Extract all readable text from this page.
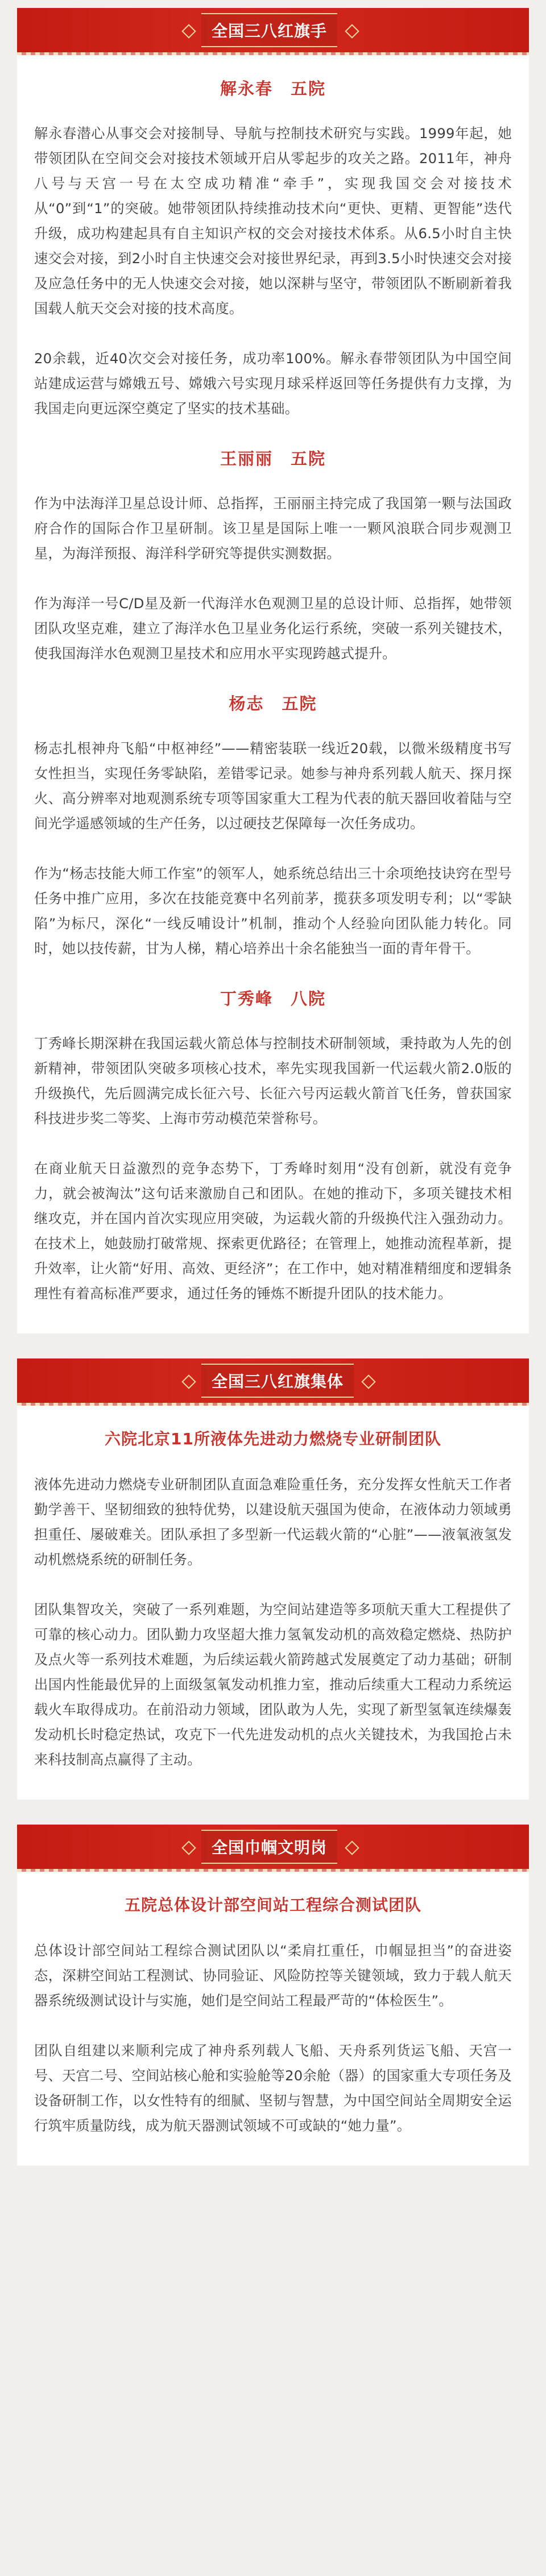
全国三八红旗手
解永春　五院

解永春潜心从事交会对接制导、导航与控制技术研究与实践。1999年起，她带领团队在空间交会对接技术领域开启从零起步的攻关之路。2011年，神舟八号与天宫一号在太空成功精准“牵手”，实现我国交会对接技术从“0”到“1”的突破。她带领团队持续推动技术向“更快、更精、更智能”迭代升级，成功构建起具有自主知识产权的交会对接技术体系。从6.5小时自主快速交会对接，到2小时自主快速交会对接世界纪录，再到3.5小时快速交会对接及应急任务中的无人快速交会对接，她以深耕与坚守，带领团队不断刷新着我国载人航天交会对接的技术高度。

20余载，近40次交会对接任务，成功率100%。解永春带领团队为中国空间站建成运营与嫦娥五号、嫦娥六号实现月球采样返回等任务提供有力支撑，为我国走向更远深空奠定了坚实的技术基础。

王丽丽　五院

作为中法海洋卫星总设计师、总指挥，王丽丽主持完成了我国第一颗与法国政府合作的国际合作卫星研制。该卫星是国际上唯一一颗风浪联合同步观测卫星，为海洋预报、海洋科学研究等提供实测数据。

作为海洋一号C/D星及新一代海洋水色观测卫星的总设计师、总指挥，她带领团队攻坚克难，建立了海洋水色卫星业务化运行系统，突破一系列关键技术，使我国海洋水色观测卫星技术和应用水平实现跨越式提升。

杨志　五院

杨志扎根神舟飞船“中枢神经”——精密装联一线近20载，以微米级精度书写女性担当，实现任务零缺陷，差错零记录。她参与神舟系列载人航天、探月探火、高分辨率对地观测系统专项等国家重大工程为代表的航天器回收着陆与空间光学遥感领域的生产任务，以过硬技艺保障每一次任务成功。

作为“杨志技能大师工作室”的领军人，她系统总结出三十余项绝技诀窍在型号任务中推广应用，多次在技能竞赛中名列前茅，揽获多项发明专利；以“零缺陷”为标尺，深化“一线反哺设计”机制，推动个人经验向团队能力转化。同时，她以技传薪，甘为人梯，精心培养出十余名能独当一面的青年骨干。

丁秀峰　八院

丁秀峰长期深耕在我国运载火箭总体与控制技术研制领域，秉持敢为人先的创新精神，带领团队突破多项核心技术，率先实现我国新一代运载火箭2.0版的升级换代，先后圆满完成长征六号、长征六号丙运载火箭首飞任务，曾获国家科技进步奖二等奖、上海市劳动模范荣誉称号。

在商业航天日益激烈的竞争态势下，丁秀峰时刻用“没有创新，就没有竞争力，就会被淘汰”这句话来激励自己和团队。在她的推动下，多项关键技术相继攻克，并在国内首次实现应用突破，为运载火箭的升级换代注入强劲动力。在技术上，她鼓励打破常规、探索更优路径；在管理上，她推动流程革新，提升效率，让火箭“好用、高效、更经济”；在工作中，她对精准精细度和逻辑条理性有着高标准严要求，通过任务的锤炼不断提升团队的技术能力。

全国三八红旗集体
六院北京11所液体先进动力燃烧专业研制团队

液体先进动力燃烧专业研制团队直面急难险重任务，充分发挥女性航天工作者勤学善干、坚韧细致的独特优势，以建设航天强国为使命，在液体动力领域勇担重任、屡破难关。团队承担了多型新一代运载火箭的“心脏”——液氧液氢发动机燃烧系统的研制任务。

团队集智攻关，突破了一系列难题，为空间站建造等多项航天重大工程提供了可靠的核心动力。团队勤力攻坚超大推力氢氧发动机的高效稳定燃烧、热防护及点火等一系列技术难题，为后续运载火箭跨越式发展奠定了动力基础；研制出国内性能最优异的上面级氢氧发动机推力室，推动后续重大工程动力系统运载火车取得成功。在前沿动力领域，团队敢为人先，实现了新型氢氧连续爆轰发动机长时稳定热试，攻克下一代先进发动机的点火关键技术，为我国抢占未来科技制高点赢得了主动。

全国巾帼文明岗
五院总体设计部空间站工程综合测试团队

总体设计部空间站工程综合测试团队以“柔肩扛重任，巾帼显担当”的奋进姿态，深耕空间站工程测试、协同验证、风险防控等关键领域，致力于载人航天器系统级测试设计与实施，她们是空间站工程最严苛的“体检医生”。

团队自组建以来顺利完成了神舟系列载人飞船、天舟系列货运飞船、天宫一号、天宫二号、空间站核心舱和实验舱等20余舱（器）的国家重大专项任务及设备研制工作，以女性特有的细腻、坚韧与智慧，为中国空间站全周期安全运行筑牢质量防线，成为航天器测试领域不可或缺的“她力量”。
